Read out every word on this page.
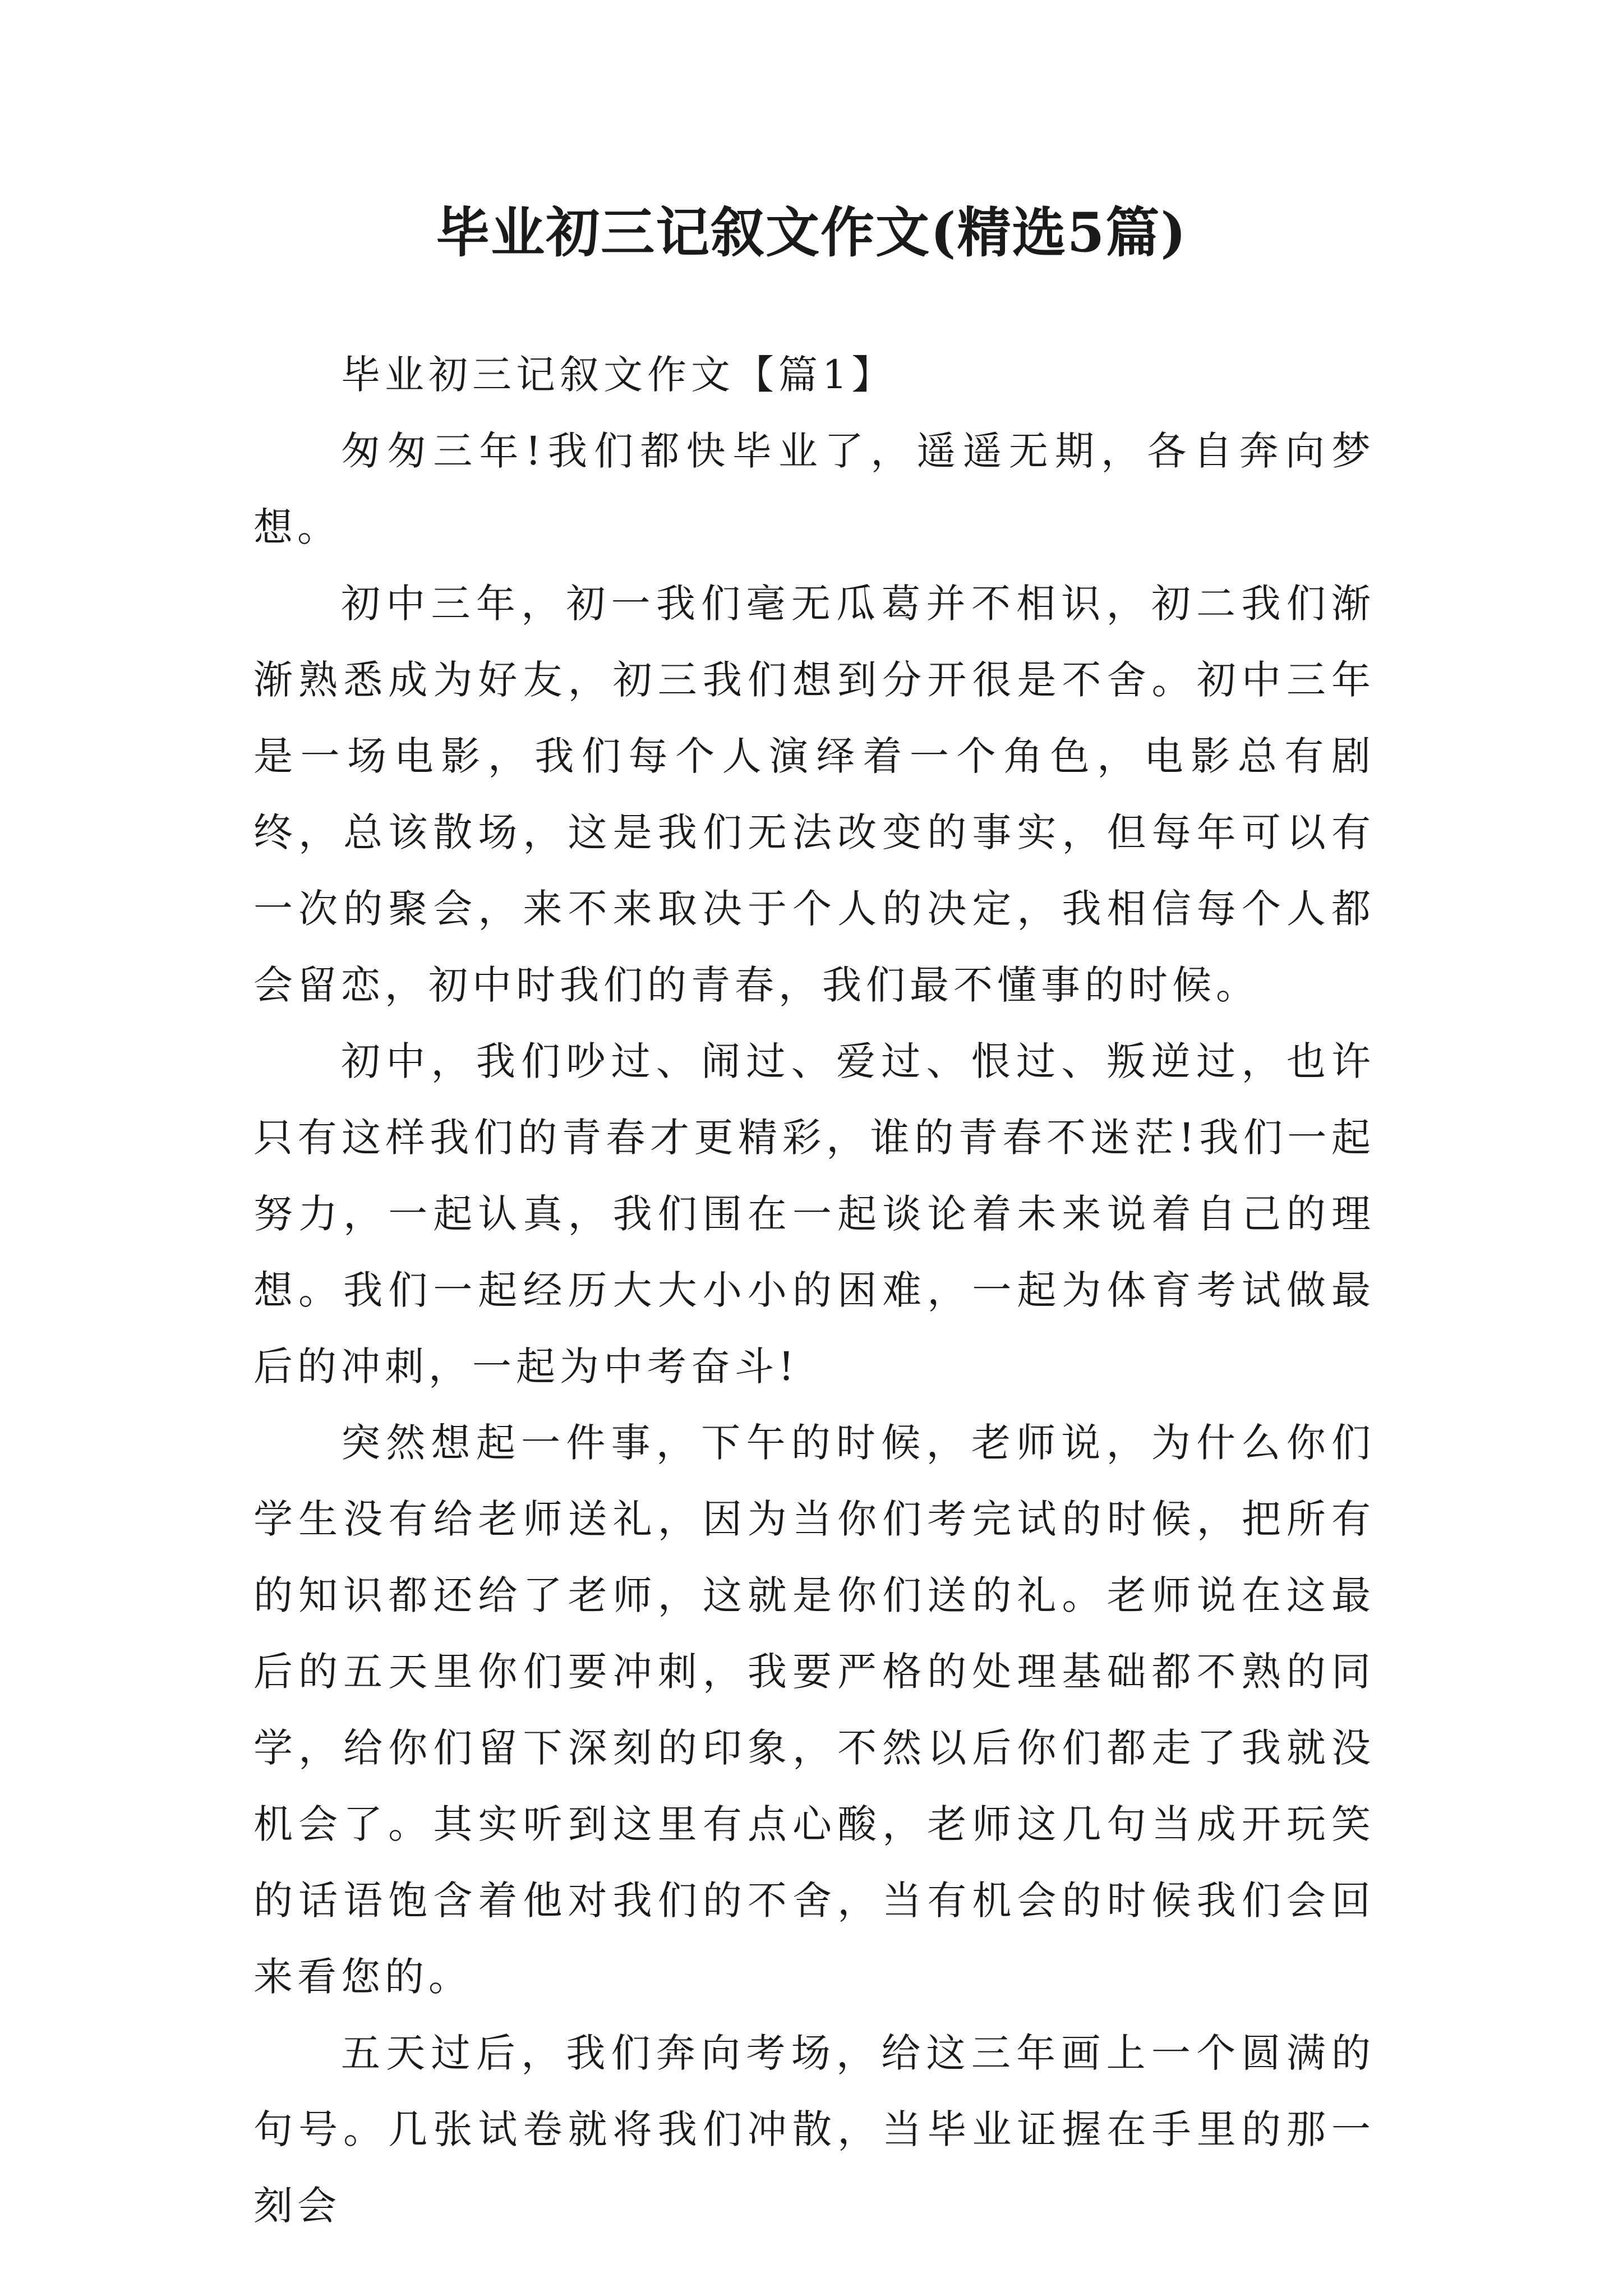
毕业初三记叙文作文(精选5篇)

毕业初三记叙文作文【篇1】

匆匆三年!我们都快毕业了，遥遥无期，各自奔向梦想。

初中三年，初一我们毫无瓜葛并不相识，初二我们渐渐熟悉成为好友，初三我们想到分开很是不舍。初中三年是一场电影，我们每个人演绎着一个角色，电影总有剧终，总该散场，这是我们无法改变的事实，但每年可以有一次的聚会，来不来取决于个人的决定，我相信每个人都会留恋，初中时我们的青春，我们最不懂事的时候。

初中，我们吵过、闹过、爱过、恨过、叛逆过，也许只有这样我们的青春才更精彩，谁的青春不迷茫!我们一起努力，一起认真，我们围在一起谈论着未来说着自己的理想。我们一起经历大大小小的困难，一起为体育考试做最后的冲刺，一起为中考奋斗!

突然想起一件事，下午的时候，老师说，为什么你们学生没有给老师送礼，因为当你们考完试的时候，把所有的知识都还给了老师，这就是你们送的礼。老师说在这最后的五天里你们要冲刺，我要严格的处理基础都不熟的同学，给你们留下深刻的印象，不然以后你们都走了我就没机会了。其实听到这里有点心酸，老师这几句当成开玩笑的话语饱含着他对我们的不舍，当有机会的时候我们会回来看您的。

五天过后，我们奔向考场，给这三年画上一个圆满的句号。几张试卷就将我们冲散，当毕业证握在手里的那一刻会
